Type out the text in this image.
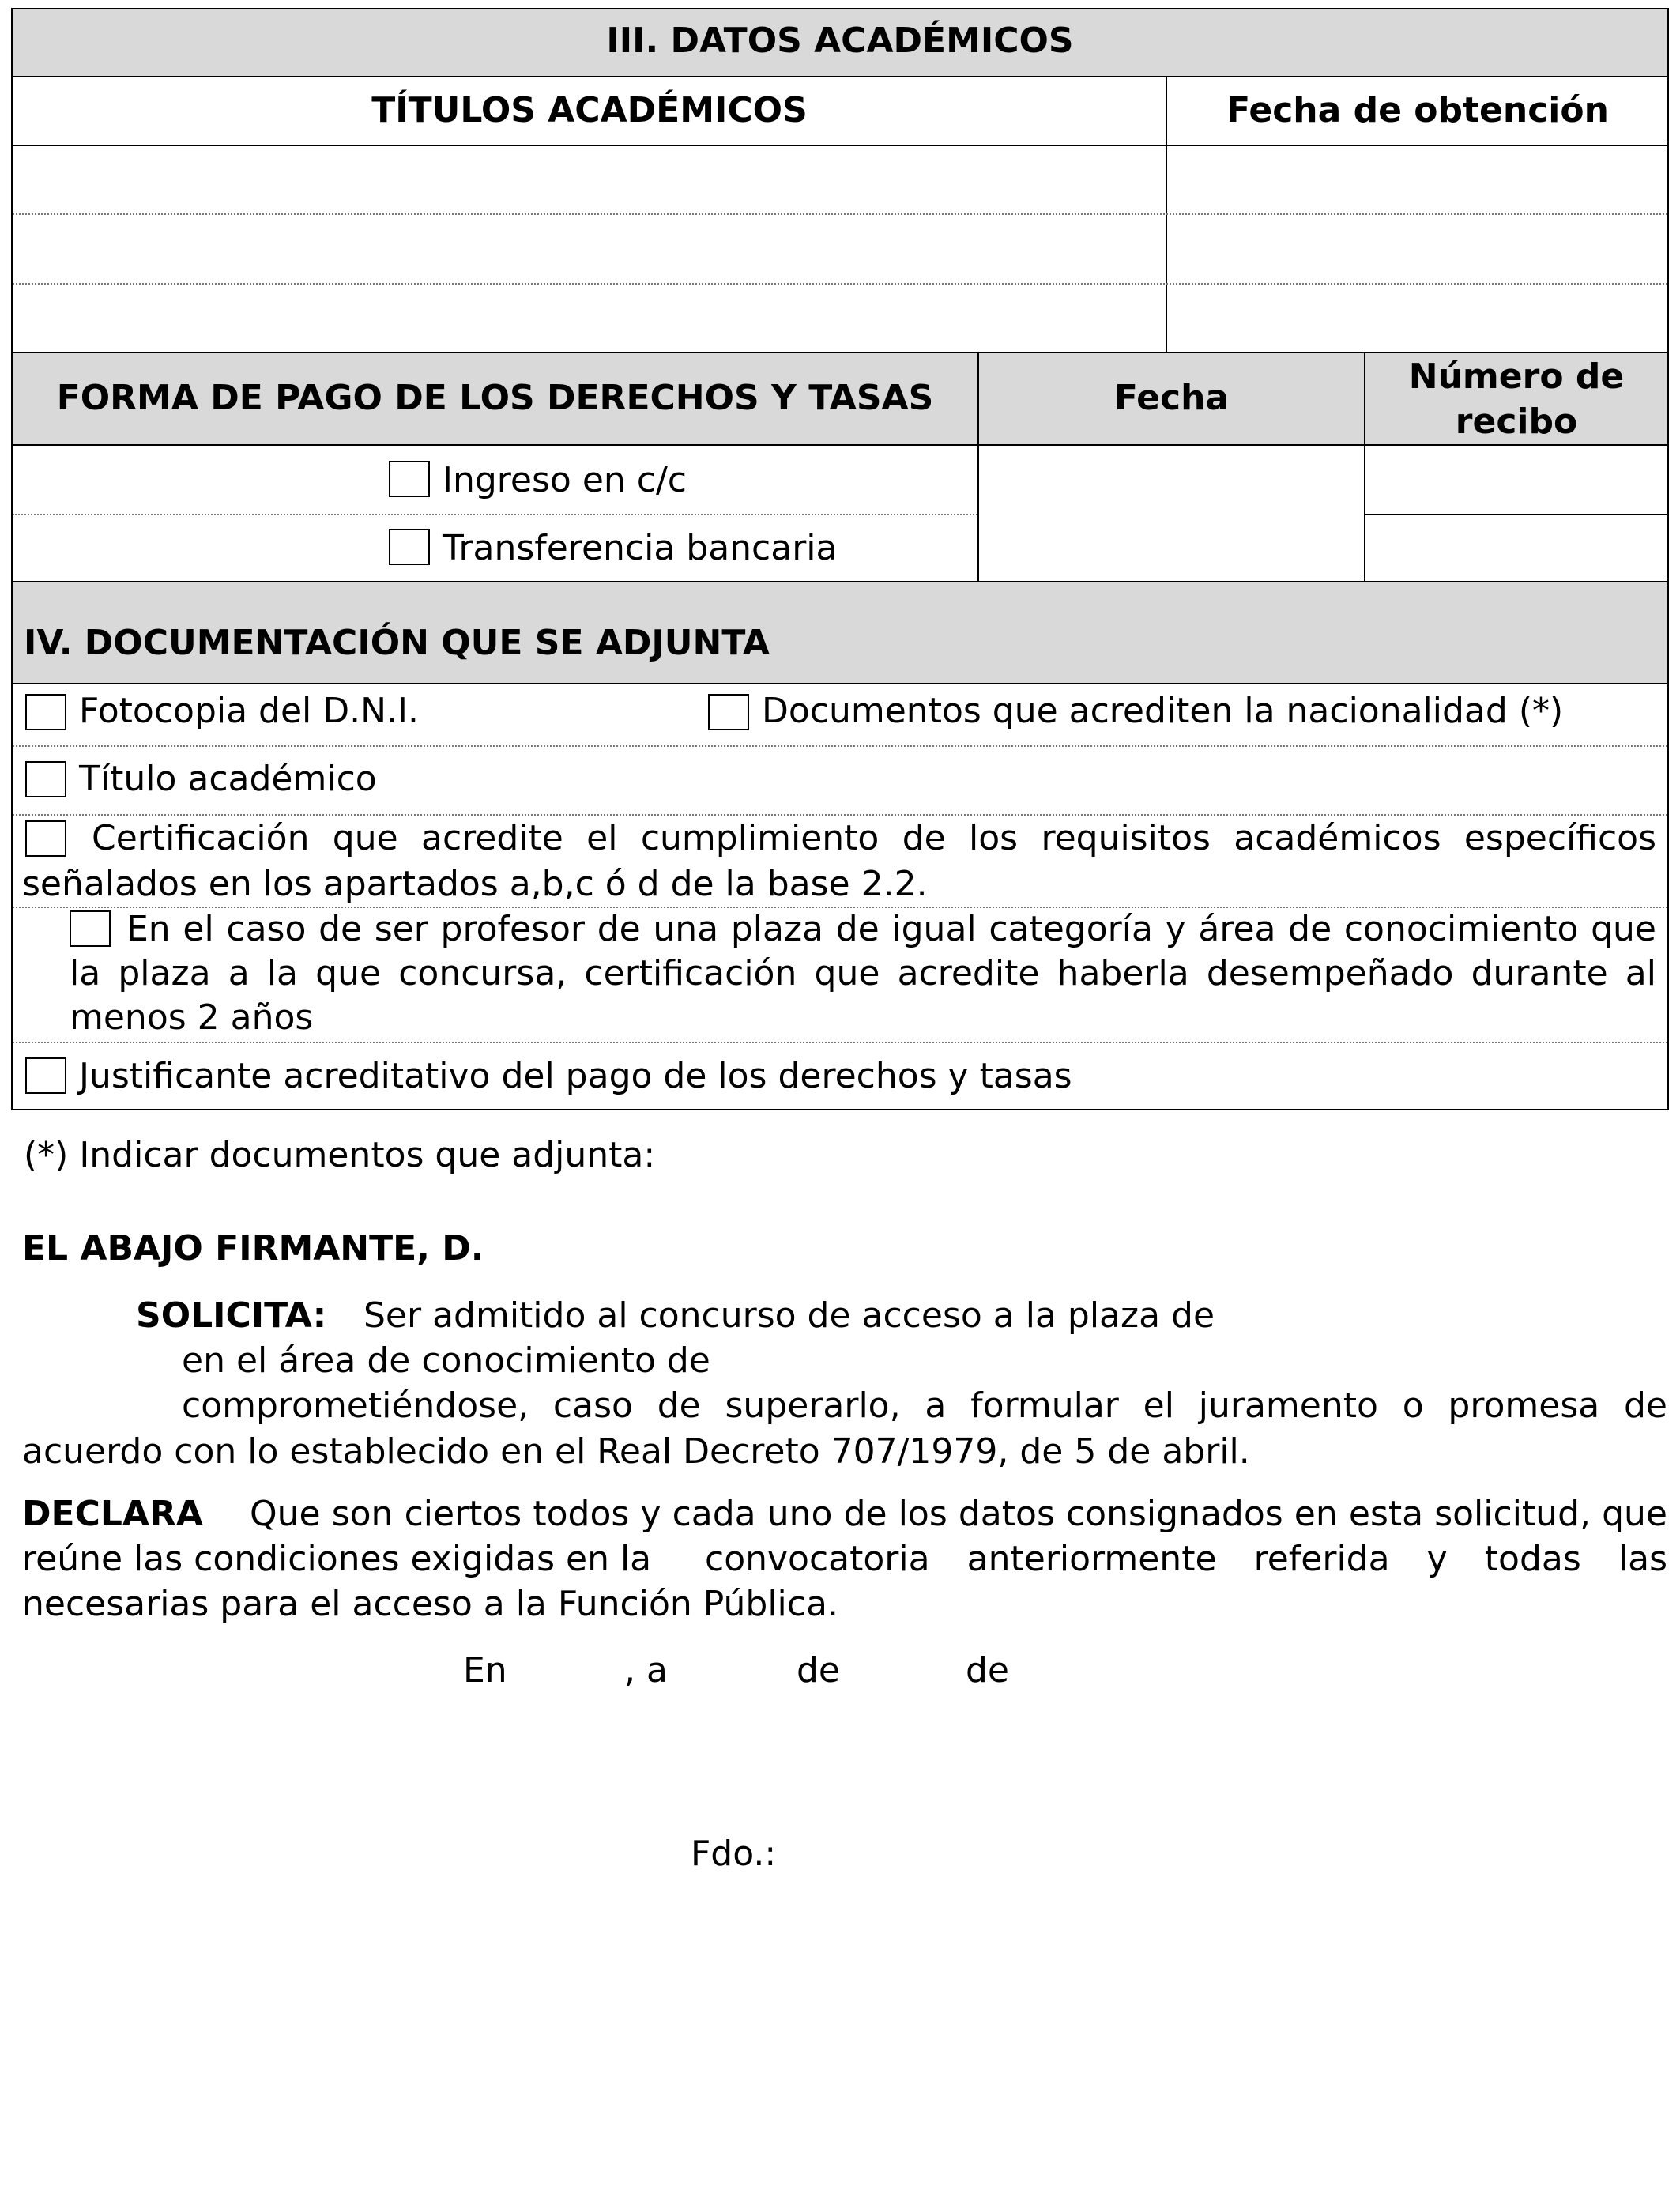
III. DATOS ACADÉMICOS
TÍTULOS ACADÉMICOS	Fecha de obtención
FORMA DE PAGO DE LOS DERECHOS Y TASAS	Fecha
Número de
recibo
Ingreso en c/c
Transferencia bancaria
IV. DOCUMENTACIÓN QUE SE ADJUNTA
Fotocopia del D.N.I.	Documentos que acrediten la nacionalidad (*)
Título académico
Certificación que acredite el cumplimiento de los requisitos académicos específicos
señalados en los apartados a,b,c ó d de la base 2.2.
En el caso de ser profesor de una plaza de igual categoría y área de conocimiento que
la plaza a la que concursa, certificación que acredite haberla desempeñado durante al
menos 2 años
Justificante acreditativo del pago de los derechos y tasas
(*) Indicar documentos que adjunta:
EL ABAJO FIRMANTE, D.
SOLICITA: Ser admitido al concurso de acceso a la plaza de
en el área de conocimiento de
comprometiéndose, caso de superarlo, a formular el juramento o promesa de
acuerdo con lo establecido en el Real Decreto 707/1979, de 5 de abril.
DECLARA Que son ciertos todos y cada uno de los datos consignados en esta solicitud, que
reúne las condiciones exigidas en la convocatoria anteriormente referida y todas las
necesarias para el acceso a la Función Pública.
En	, a	de	de
Fdo.:
